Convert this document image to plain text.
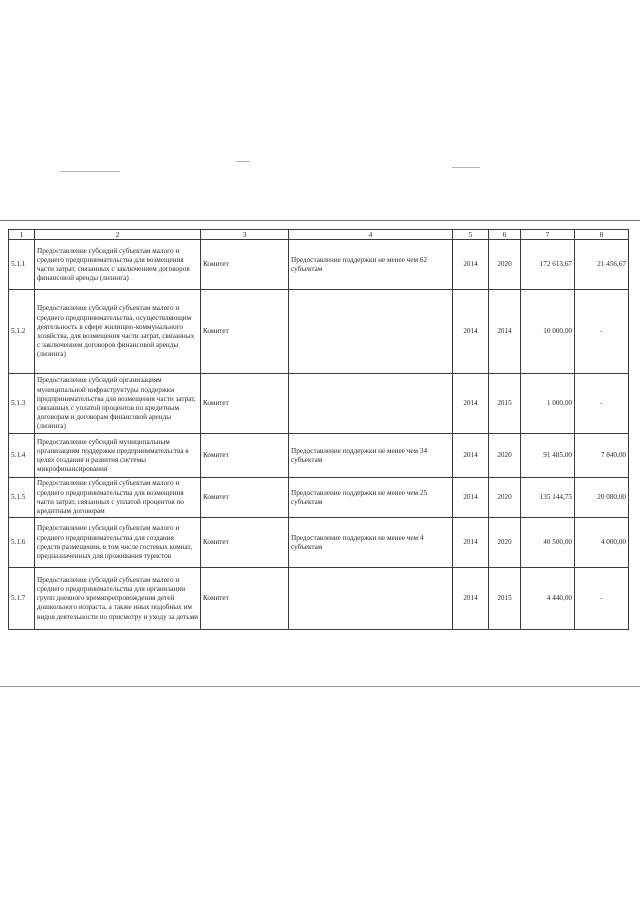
1	2	3	4	5	6	7	8
5.1.1	Предоставление субсидий субъектам малого и среднего предпринимательства для возмещения части затрат, связанных с заключением договоров финансовой аренды (лизинга)	Комитет	Предоставление поддержки не менее чем 62 субъектам	2014	2020	172 613,67	21 456,67
5.1.2	Предоставление субсидий субъектам малого и среднего предпринимательства, осуществляющим деятельность в сфере жилищно-коммунального хозяйства, для возмещения части затрат, связанных с заключением договоров финансовой аренды (лизинга)	Комитет		2014	2014	10 000,00	-
5.1.3	Предоставление субсидий организациям муниципальной инфраструктуры поддержки предпринимательства для возмещения части затрат, связанных с уплатой процентов по кредитным договорам и договорам финансовой аренды (лизинга)	Комитет		2014	2015	1 000,00	-
5.1.4	Предоставление субсидий муниципальным организациям поддержки предпринимательства в целях создания и развития системы микрофинансирования	Комитет	Предоставление поддержки не менее чем 34 субъектам	2014	2020	91 485,00	7 840,00
5.1.5	Предоставление субсидий субъектам малого и среднего предпринимательства для возмещения части затрат, связанных с уплатой процентов по кредитным договорам	Комитет	Предоставление поддержки не менее чем 25 субъектам	2014	2020	135 144,75	20 080,00
5.1.6	Предоставление субсидий субъектам малого и среднего предпринимательства для создания средств размещения, в том числе гостевых комнат, предназначенных для проживания туристов	Комитет	Предоставление поддержки не менее чем 4 субъектам	2014	2020	40 500,00	4 000,00
5.1.7	Предоставление субсидий субъектам малого и среднего предпринимательства для организации групп дневного времяпрепровождения детей дошкольного возраста, а также иных подобных им видов деятельности по присмотру и уходу за детьми	Комитет		2014	2015	4 440,00	-
